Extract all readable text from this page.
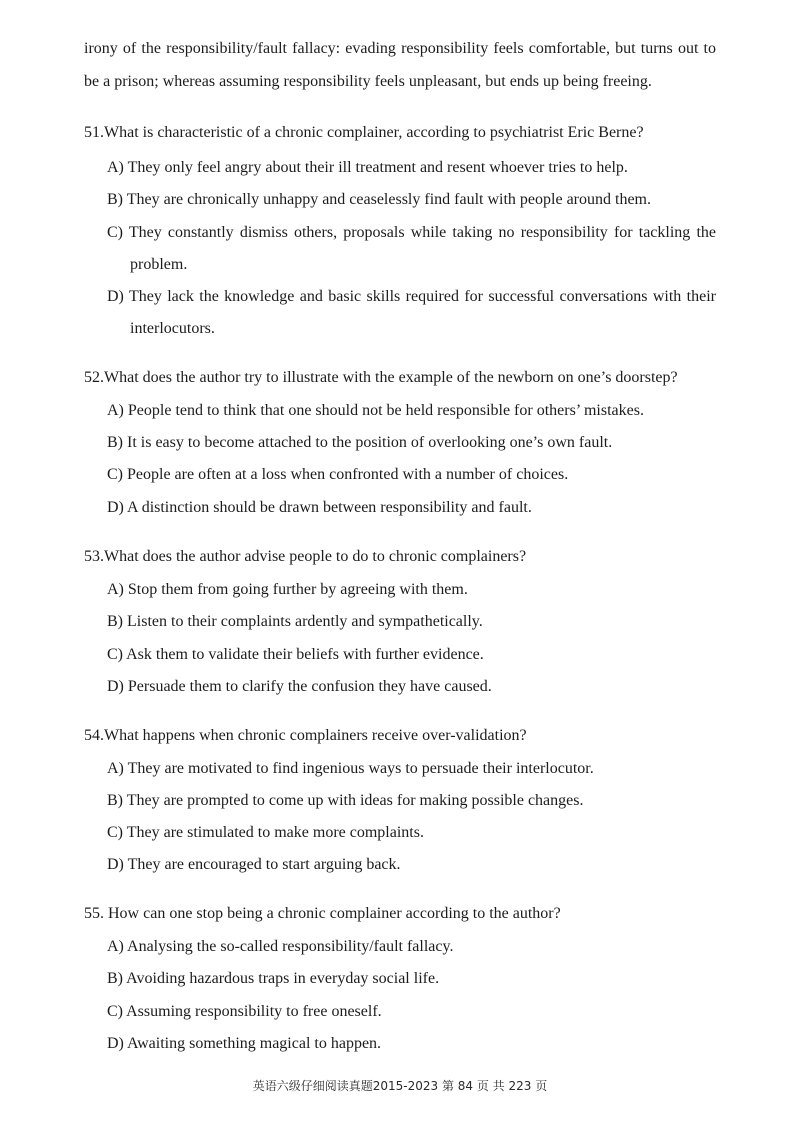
irony of the responsibility/fault fallacy: evading responsibility feels comfortable, but turns out to
be a prison; whereas assuming responsibility feels unpleasant, but ends up being freeing.
51.What is characteristic of a chronic complainer, according to psychiatrist Eric Berne?
A) They only feel angry about their ill treatment and resent whoever tries to help.
B) They are chronically unhappy and ceaselessly find fault with people around them.
C) They constantly dismiss others, proposals while taking no responsibility for tackling the
problem.
D) They lack the knowledge and basic skills required for successful conversations with their
interlocutors.
52.What does the author try to illustrate with the example of the newborn on one’s doorstep?
A) People tend to think that one should not be held responsible for others’ mistakes.
B) It is easy to become attached to the position of overlooking one’s own fault.
C) People are often at a loss when confronted with a number of choices.
D) A distinction should be drawn between responsibility and fault.
53.What does the author advise people to do to chronic complainers?
A) Stop them from going further by agreeing with them.
B) Listen to their complaints ardently and sympathetically.
C) Ask them to validate their beliefs with further evidence.
D) Persuade them to clarify the confusion they have caused.
54.What happens when chronic complainers receive over-validation?
A) They are motivated to find ingenious ways to persuade their interlocutor.
B) They are prompted to come up with ideas for making possible changes.
C) They are stimulated to make more complaints.
D) They are encouraged to start arguing back.
55. How can one stop being a chronic complainer according to the author?
A) Analysing the so-called responsibility/fault fallacy.
B) Avoiding hazardous traps in everyday social life.
C) Assuming responsibility to free oneself.
D) Awaiting something magical to happen.
英语六级仔细阅读真题2015-2023 第 84 页 共 223 页
